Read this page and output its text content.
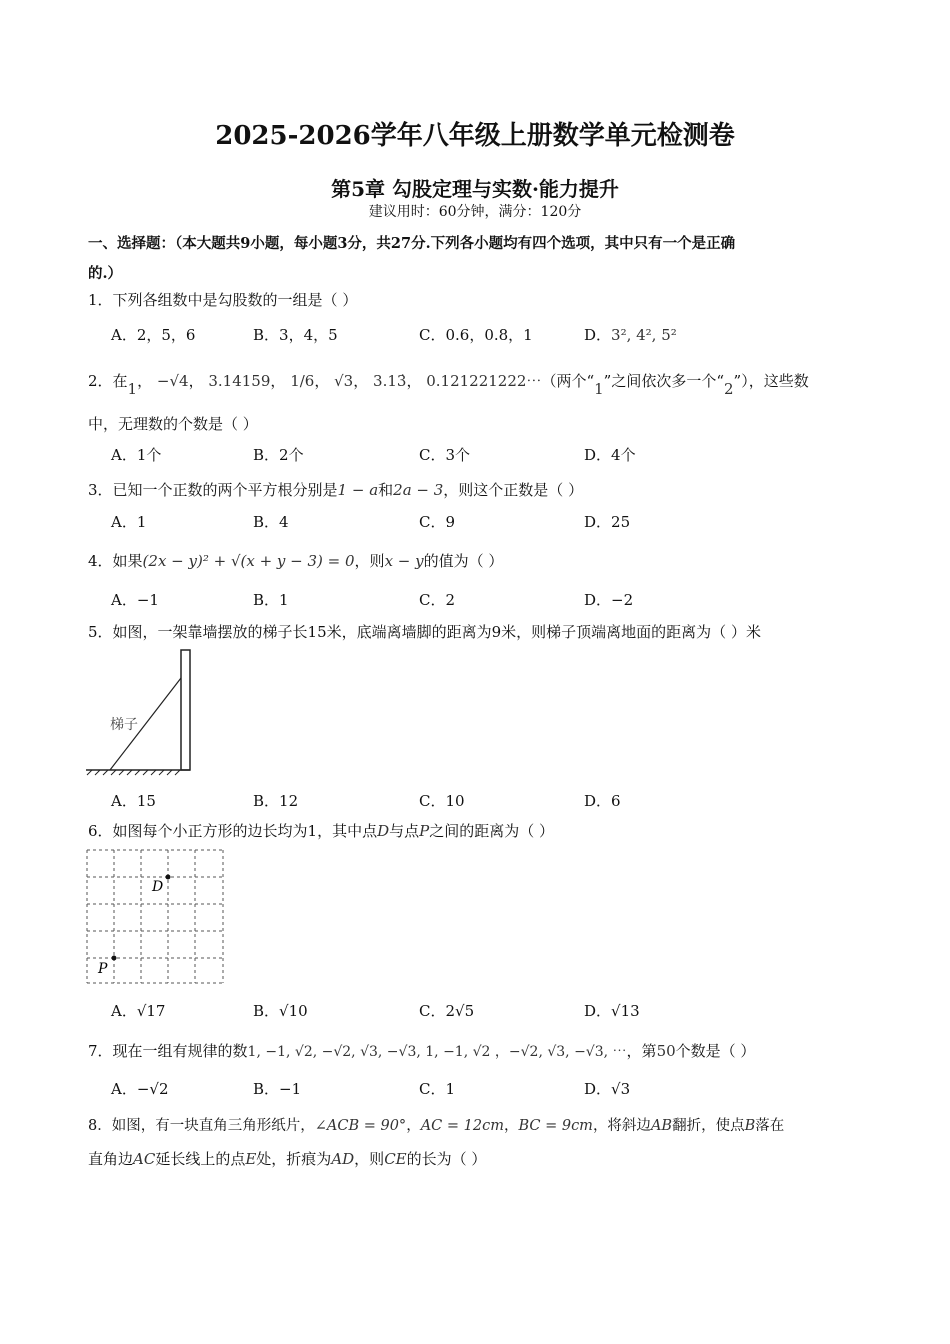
2025-2026学年八年级上册数学单元检测卷
第5章 勾股定理与实数·能力提升
建议用时：60分钟，满分：120分
一、选择题：（本大题共9小题，每小题3分，共27分.下列各小题均有四个选项，其中只有一个是正确
的.）
1．下列各组数中是勾股数的一组是（ ）
A．2，5，6	B．3，4，5	C．0.6，0.8，1	D．3², 4², 5²
2．在1， −√4， 3.14159， 1/6， √3， 3.13̇， 0.121221222⋯（两个“1”之间依次多一个“2”），这些数
中，无理数的个数是（ ）
A．1个	B．2个	C．3个	D．4个
3．已知一个正数的两个平方根分别是1 − a和2a − 3，则这个正数是（ ）
A．1	B．4	C．9	D．25
4．如果(2x − y)² + √(x + y − 3) = 0，则x − y的值为（ ）
A．−1	B．1	C．2	D．−2
5．如图，一架靠墙摆放的梯子长15米，底端离墙脚的距离为9米，则梯子顶端离地面的距离为（ ）米
梯子
A．15	B．12	C．10	D．6
6．如图每个小正方形的边长均为1，其中点D与点P之间的距离为（ ）
D
P
A．√17	B．√10	C．2√5	D．√13
7．现在一组有规律的数1, −1, √2, −√2, √3, −√3, 1, −1, √2 ，−√2, √3, −√3, ⋯，第50个数是（ ）
A．−√2	B．−1	C．1	D．√3
8．如图，有一块直角三角形纸片，∠ACB = 90°，AC = 12cm，BC = 9cm，将斜边AB翻折，使点B落在
直角边AC延长线上的点E处，折痕为AD，则CE的长为（ ）
